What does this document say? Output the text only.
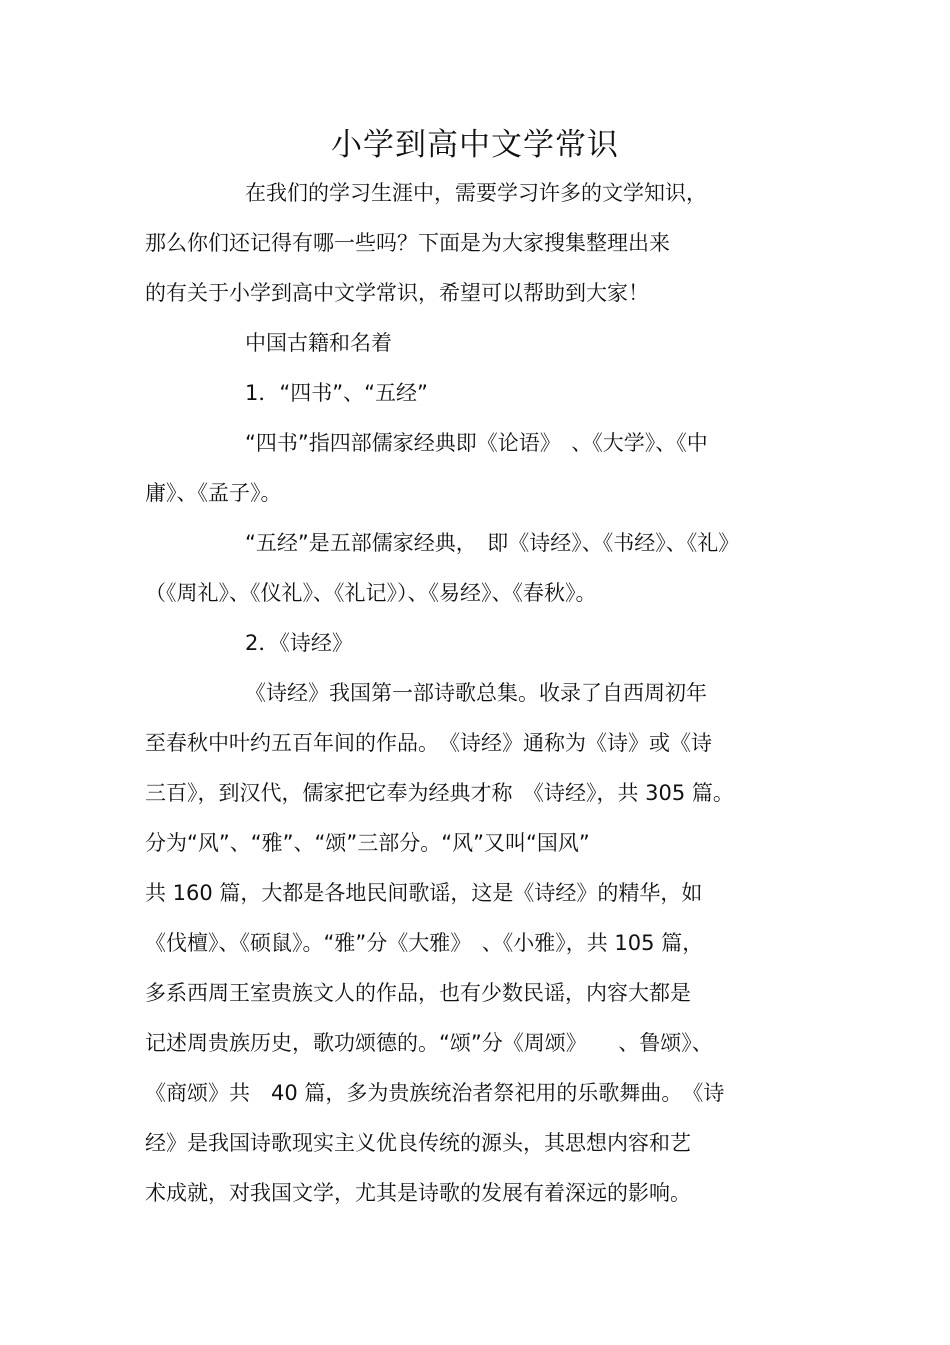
小学到高中文学常识
在我们的学习生涯中，需要学习许多的文学知识，
那么你们还记得有哪一些吗？下面是为大家搜集整理出来
的有关于小学到高中文学常识，希望可以帮助到大家！
中国古籍和名着
1．“四书”、“五经”
“四书”指四部儒家经典即《论语》　、《大学》、《中
庸》、《孟子》。
“五经”是五部儒家经典，　即《诗经》、《书经》、《礼》
（《周礼》、《仪礼》、《礼记》）、《易经》、《春秋》。
2．《诗经》
《诗经》我国第一部诗歌总集。收录了自西周初年
至春秋中叶约五百年间的作品。　《诗经》通称为《诗》或《诗
三百》，到汉代，儒家把它奉为经典才称　《诗经》，共 305 篇。
分为“风”、“雅”、“颂”三部分。“风”又叫“国风”
共 160 篇，大都是各地民间歌谣，这是《诗经》的精华，如
《伐檀》、《硕鼠》。“雅”分《大雅》　、《小雅》，共 105 篇，
多系西周王室贵族文人的作品，也有少数民谣，内容大都是
记述周贵族历史，歌功颂德的。“颂”分《周颂》　　、鲁颂》、
《商颂》共　40 篇，多为贵族统治者祭祀用的乐歌舞曲。　《诗
经》是我国诗歌现实主义优良传统的源头，其思想内容和艺
术成就，对我国文学，尤其是诗歌的发展有着深远的影响。
